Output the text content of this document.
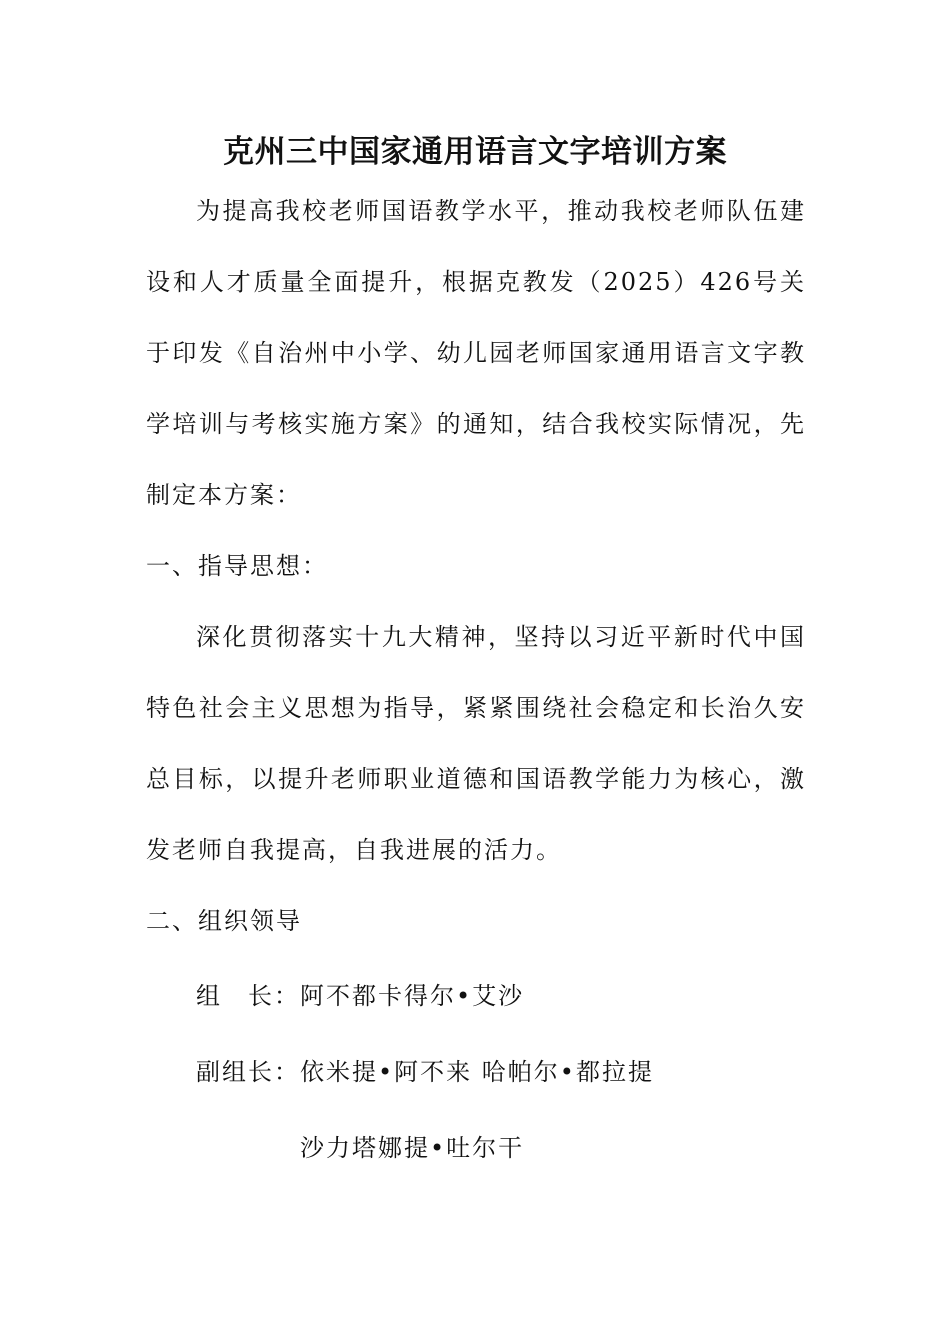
克州三中国家通用语言文字培训方案

为提高我校老师国语教学水平，推动我校老师队伍建设和人才质量全面提升，根据克教发（2025）426号关于印发《自治州中小学、幼儿园老师国家通用语言文字教学培训与考核实施方案》的通知，结合我校实际情况，先制定本方案：

一、指导思想：

深化贯彻落实十九大精神，坚持以习近平新时代中国特色社会主义思想为指导，紧紧围绕社会稳定和长治久安总目标，以提升老师职业道德和国语教学能力为核心，激发老师自我提高，自我进展的活力。

二、组织领导

组　长：阿不都卡得尔•艾沙
副组长：依米提•阿不来 哈帕尔•都拉提
沙力塔娜提•吐尔干
